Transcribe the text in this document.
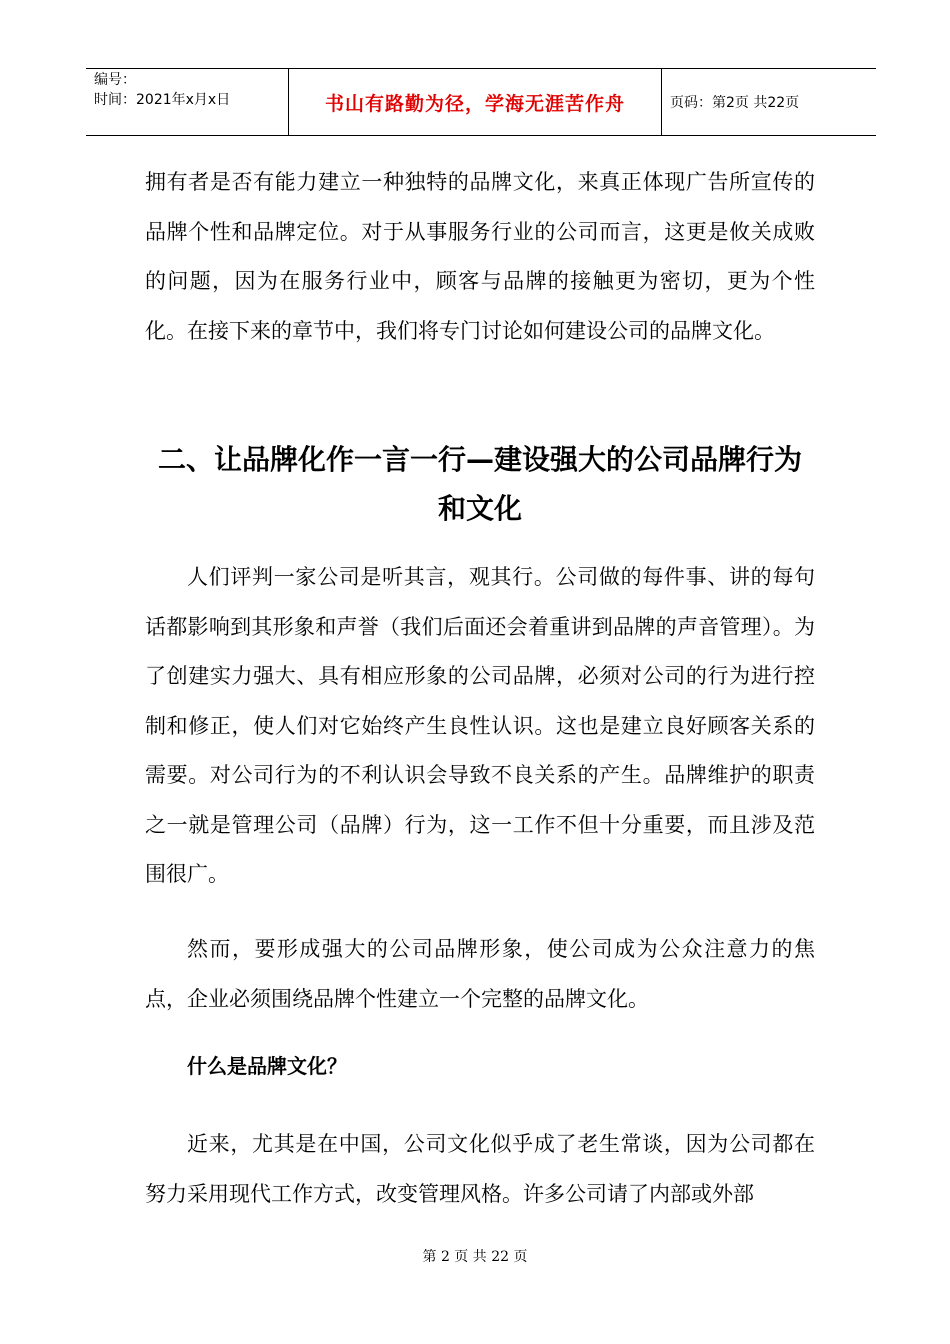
编号：
时间：2021年x月x日	书山有路勤为径，学海无涯苦作舟	页码：第2页 共22页

拥有者是否有能力建立一种独特的品牌文化，来真正体现广告所宣传的品牌个性和品牌定位。对于从事服务行业的公司而言，这更是攸关成败的问题，因为在服务行业中，顾客与品牌的接触更为密切，更为个性化。在接下来的章节中，我们将专门讨论如何建设公司的品牌文化。

二、让品牌化作一言一行—建设强大的公司品牌行为和文化

人们评判一家公司是听其言，观其行。公司做的每件事、讲的每句话都影响到其形象和声誉（我们后面还会着重讲到品牌的声音管理）。为了创建实力强大、具有相应形象的公司品牌，必须对公司的行为进行控制和修正，使人们对它始终产生良性认识。这也是建立良好顾客关系的需要。对公司行为的不利认识会导致不良关系的产生。品牌维护的职责之一就是管理公司（品牌）行为，这一工作不但十分重要，而且涉及范围很广。

然而，要形成强大的公司品牌形象，使公司成为公众注意力的焦点，企业必须围绕品牌个性建立一个完整的品牌文化。

什么是品牌文化？

近来，尤其是在中国，公司文化似乎成了老生常谈，因为公司都在努力采用现代工作方式，改变管理风格。许多公司请了内部或外部

第 2 页 共 22 页
